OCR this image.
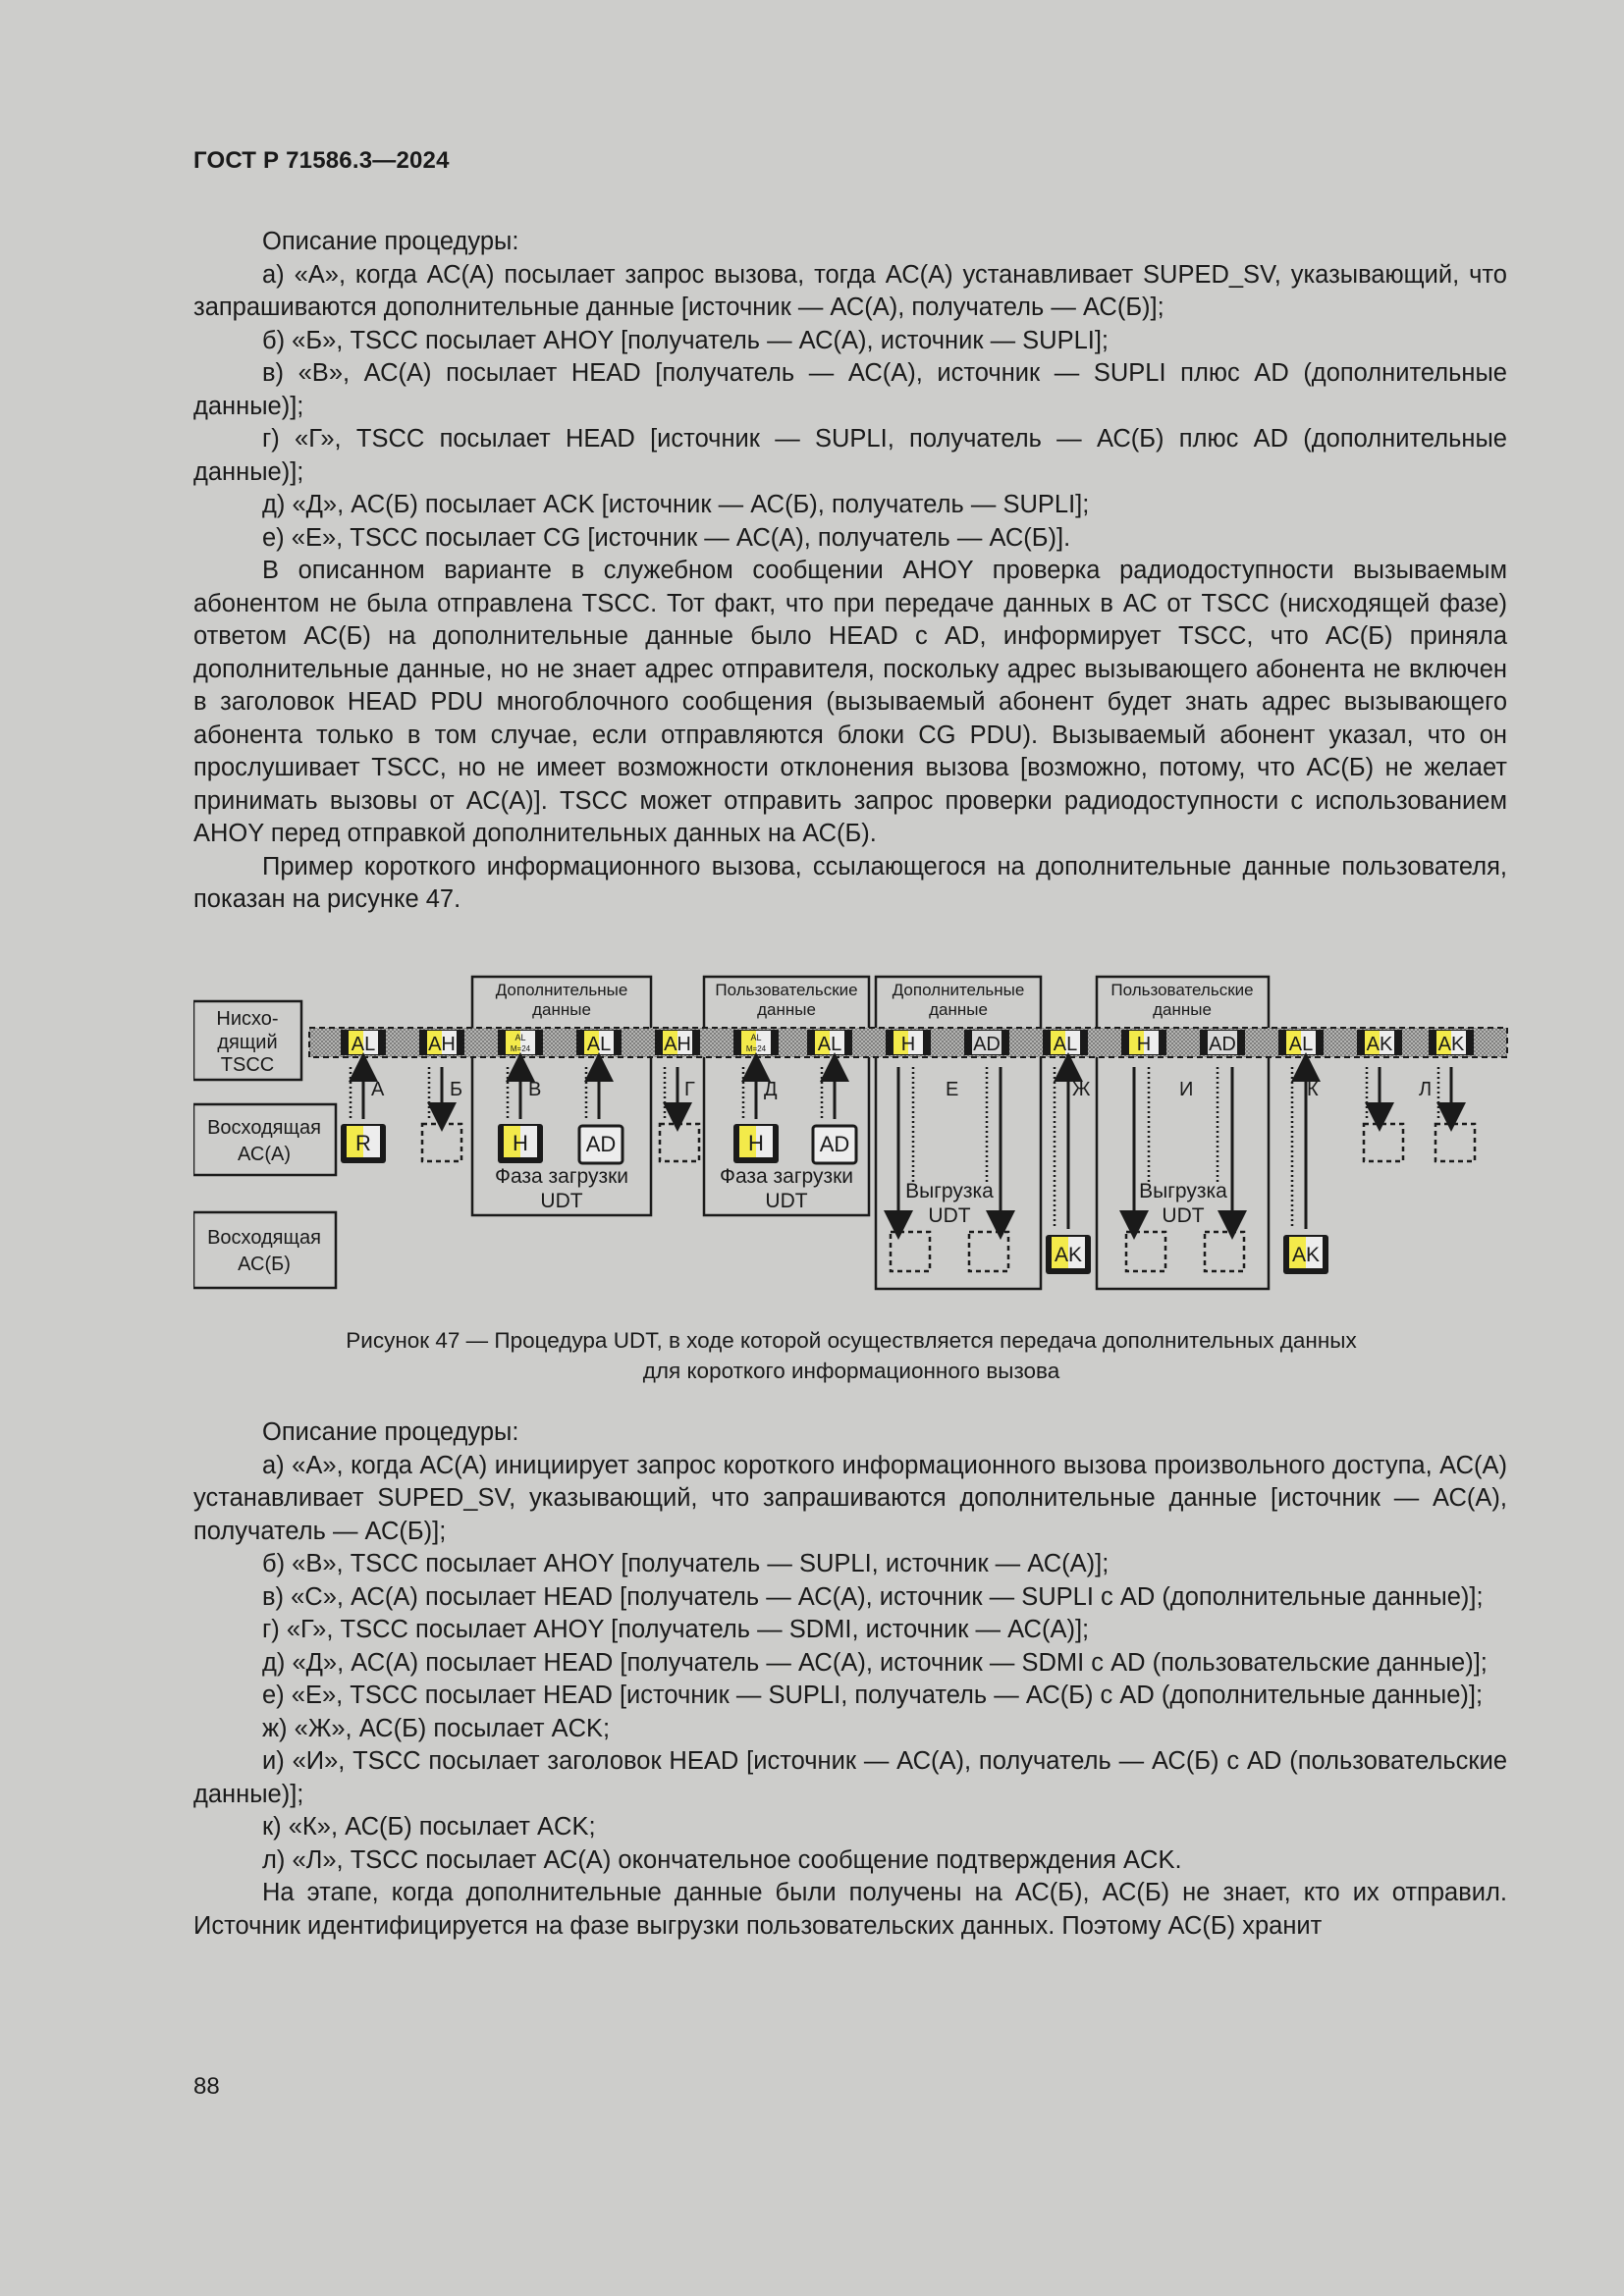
ГОСТ Р 71586.3—2024

Описание процедуры:

а) «А», когда АС(А) посылает запрос вызова, тогда АС(А) устанавливает SUPED_SV, указывающий, что запрашиваются дополнительные данные [источник — АС(А), получатель — АС(Б)];

б) «Б», TSCC посылает AHOY [получатель — АС(А), источник — SUPLI];

в) «В», АС(А) посылает HEAD [получатель — АС(А), источник — SUPLI плюс AD (дополнительные данные)];

г) «Г», TSCC посылает HEAD [источник — SUPLI, получатель — АС(Б) плюс AD (дополнительные данные)];

д) «Д», АС(Б) посылает ACK [источник — АС(Б), получатель — SUPLI];

е) «Е», TSCC посылает CG [источник — АС(А), получатель — АС(Б)].

В описанном варианте в служебном сообщении AHOY проверка радиодоступности вызываемым абонентом не была отправлена TSCC. Тот факт, что при передаче данных в АС от TSCC (нисходящей фазе) ответом АС(Б) на дополнительные данные было HEAD с AD, информирует TSCC, что АС(Б) приняла дополнительные данные, но не знает адрес отправителя, поскольку адрес вызывающего абонента не включен в заголовок HEAD PDU многоблочного сообщения (вызываемый абонент будет знать адрес вызывающего абонента только в том случае, если отправляются блоки CG PDU). Вызываемый абонент указал, что он прослушивает TSCC, но не имеет возможности отклонения вызова [возможно, потому, что АС(Б) не желает принимать вызовы от АС(А)]. TSCC может отправить запрос проверки радиодоступности с использованием AHOY перед отправкой дополнительных данных на АС(Б).

Пример короткого информационного вызова, ссылающегося на дополнительные данные пользователя, показан на рисунке 47.

Нисхо-
дящий
TSCC
Восходящая
АС(А)
Восходящая
АС(Б)
Дополнительные
данные
Пользовательские
данные
Дополнительные
данные
Пользовательские
данные
AL	AH	AL
M=24	AL	AH	AL
M=24	AL	H	AD	AL	H	AD	AL	AK AK
R	H	AD	H	AD
AK	AK
А	Б	В	Г	Д	Е	Ж	И	К	Л
Фаза загрузки
UDT
Фаза загрузки
UDT	Выгрузка
UDT
Выгрузка
UDT
Рисунок 47 — Процедура UDT, в ходе которой осуществляется передача дополнительных данных
для короткого информационного вызова

Описание процедуры:

а) «А», когда АС(А) инициирует запрос короткого информационного вызова произвольного доступа, АС(А) устанавливает SUPED_SV, указывающий, что запрашиваются дополнительные данные [источник — АС(А), получатель — АС(Б)];

б) «В», TSCC посылает AHOY [получатель — SUPLI, источник — АС(А)];

в) «С», АС(А) посылает HEAD [получатель — АС(А), источник — SUPLI с AD (дополнительные данные)];

г) «Г», TSCC посылает AHOY [получатель — SDMI, источник — АС(А)];

д) «Д», АС(А) посылает HEAD [получатель — АС(А), источник — SDMI с AD (пользовательские данные)];

е) «Е», TSCC посылает HEAD [источник — SUPLI, получатель — АС(Б) с AD (дополнительные данные)];

ж) «Ж», АС(Б) посылает ACK;

и) «И», TSCC посылает заголовок HEAD [источник — АС(А), получатель — АС(Б) с AD (пользовательские данные)];

к) «К», АС(Б) посылает ACK;

л) «Л», TSCC посылает АС(А) окончательное сообщение подтверждения ACK.

На этапе, когда дополнительные данные были получены на АС(Б), АС(Б) не знает, кто их отправил. Источник идентифицируется на фазе выгрузки пользовательских данных. Поэтому АС(Б) хранит

88
